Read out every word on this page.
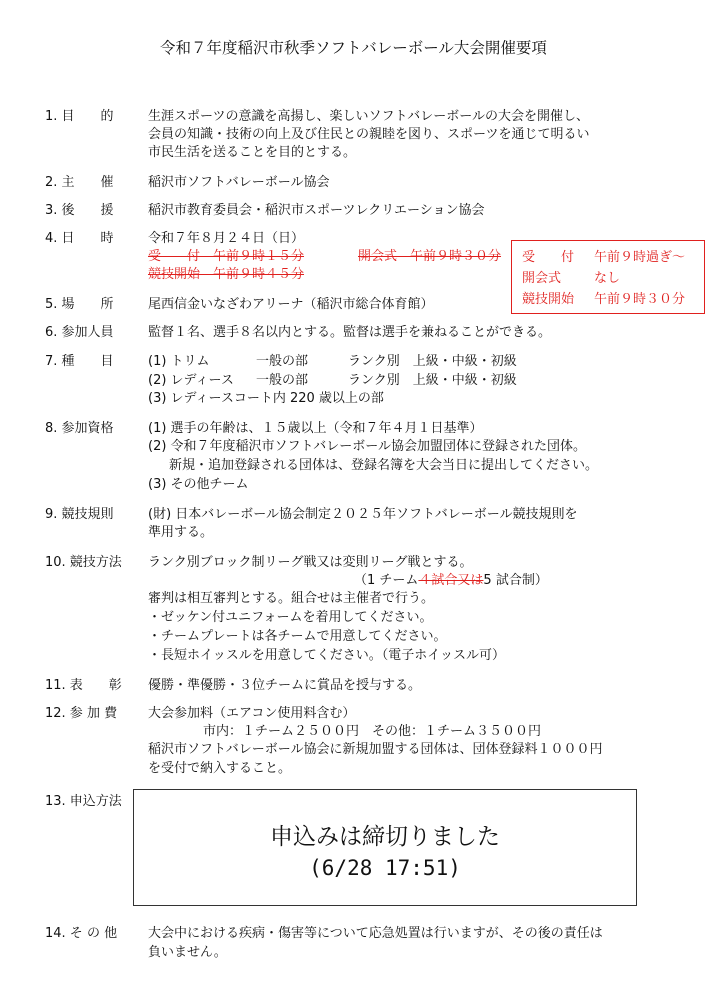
令和７年度稲沢市秋季ソフトバレーボール大会開催要項
1. 目　　的	生涯スポーツの意識を高揚し、楽しいソフトバレーボールの大会を開催し、
会員の知識・技術の向上及び住民との親睦を図り、スポーツを通じて明るい
市民生活を送ることを目的とする。
2. 主　　催	稲沢市ソフトバレーボール協会
3. 後　　援	稲沢市教育委員会・稲沢市スポーツレクリエーション協会
4. 日　　時	令和７年８月２４日（日）
受　　付　午前９時１５分	開会式　午前９時３０分
競技開始　午前９時４５分
受　　付 午前９時過ぎ～
開会式	なし
競技開始 午前９時３０分
5. 場　　所	尾西信金いなざわアリーナ（稲沢市総合体育館）
6. 参加人員	監督１名、選手８名以内とする。監督は選手を兼ねることができる。
7. 種　　目	(1) トリム	一般の部	ランク別　上級・中級・初級
(2) レディース 一般の部	ランク別　上級・中級・初級
(3) レディースコート内 220 歳以上の部
8. 参加資格	(1) 選手の年齢は、１５歳以上（令和７年４月１日基準）
(2) 令和７年度稲沢市ソフトバレーボール協会加盟団体に登録された団体。
新規・追加登録される団体は、登録名簿を大会当日に提出してください。
(3) その他チーム
9. 競技規則	(財) 日本バレーボール協会制定２０２５年ソフトバレーボール競技規則を
準用する。
10. 競技方法 ランク別ブロック制リーグ戦又は変則リーグ戦とする。
（1 チーム４試合又は5 試合制）
審判は相互審判とする。組合せは主催者で行う。
・ゼッケン付ユニフォームを着用してください。
・チームプレートは各チームで用意してください。
・長短ホイッスルを用意してください。（電子ホイッスル可）
11. 表　　彰 優勝・準優勝・３位チームに賞品を授与する。
12. 参 加 費 大会参加料（エアコン使用料含む）
市内：１チーム２５００円　その他：１チーム３５００円
稲沢市ソフトバレーボール協会に新規加盟する団体は、団体登録料１０００円
を受付で納入すること。
13. 申込方法
申込みは締切りました
(6/28 17:51)
14. そ の 他 大会中における疾病・傷害等について応急処置は行いますが、その後の責任は
負いません。
